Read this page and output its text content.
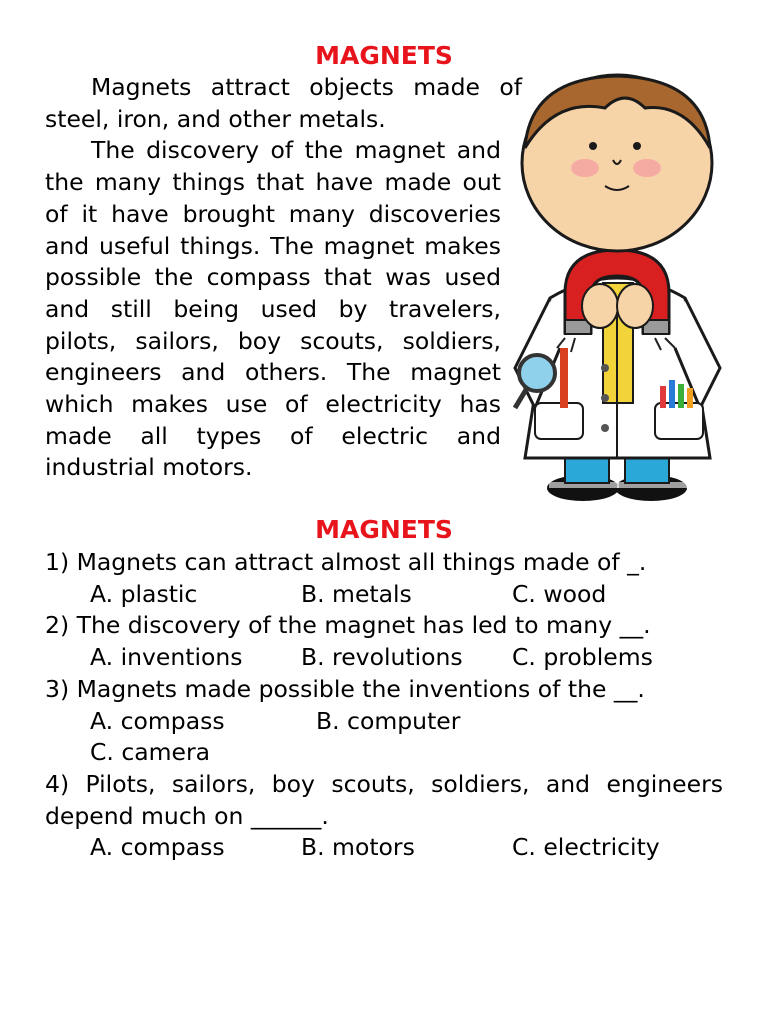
MAGNETS

Magnets attract objects made of steel, iron, and other metals.

The discovery of the magnet and the many things that have made out of it have brought many discoveries and useful things. The magnet makes possible the compass that was used and still being used by travelers, pilots, sailors, boy scouts, soldiers, engineers and others. The magnet which makes use of electricity has made all types of electric and industrial motors.

MAGNETS

1) Magnets can attract almost all things made of _.

A. plastic	B. metals	C. wood

2) The discovery of the magnet has led to many __.

A. inventions	B. revolutions	C. problems

3) Magnets made possible the inventions of the __.

A. compass	B. computer
C. camera

4) Pilots, sailors, boy scouts, soldiers, and engineers depend much on ______.

A. compass	B. motors	C. electricity
